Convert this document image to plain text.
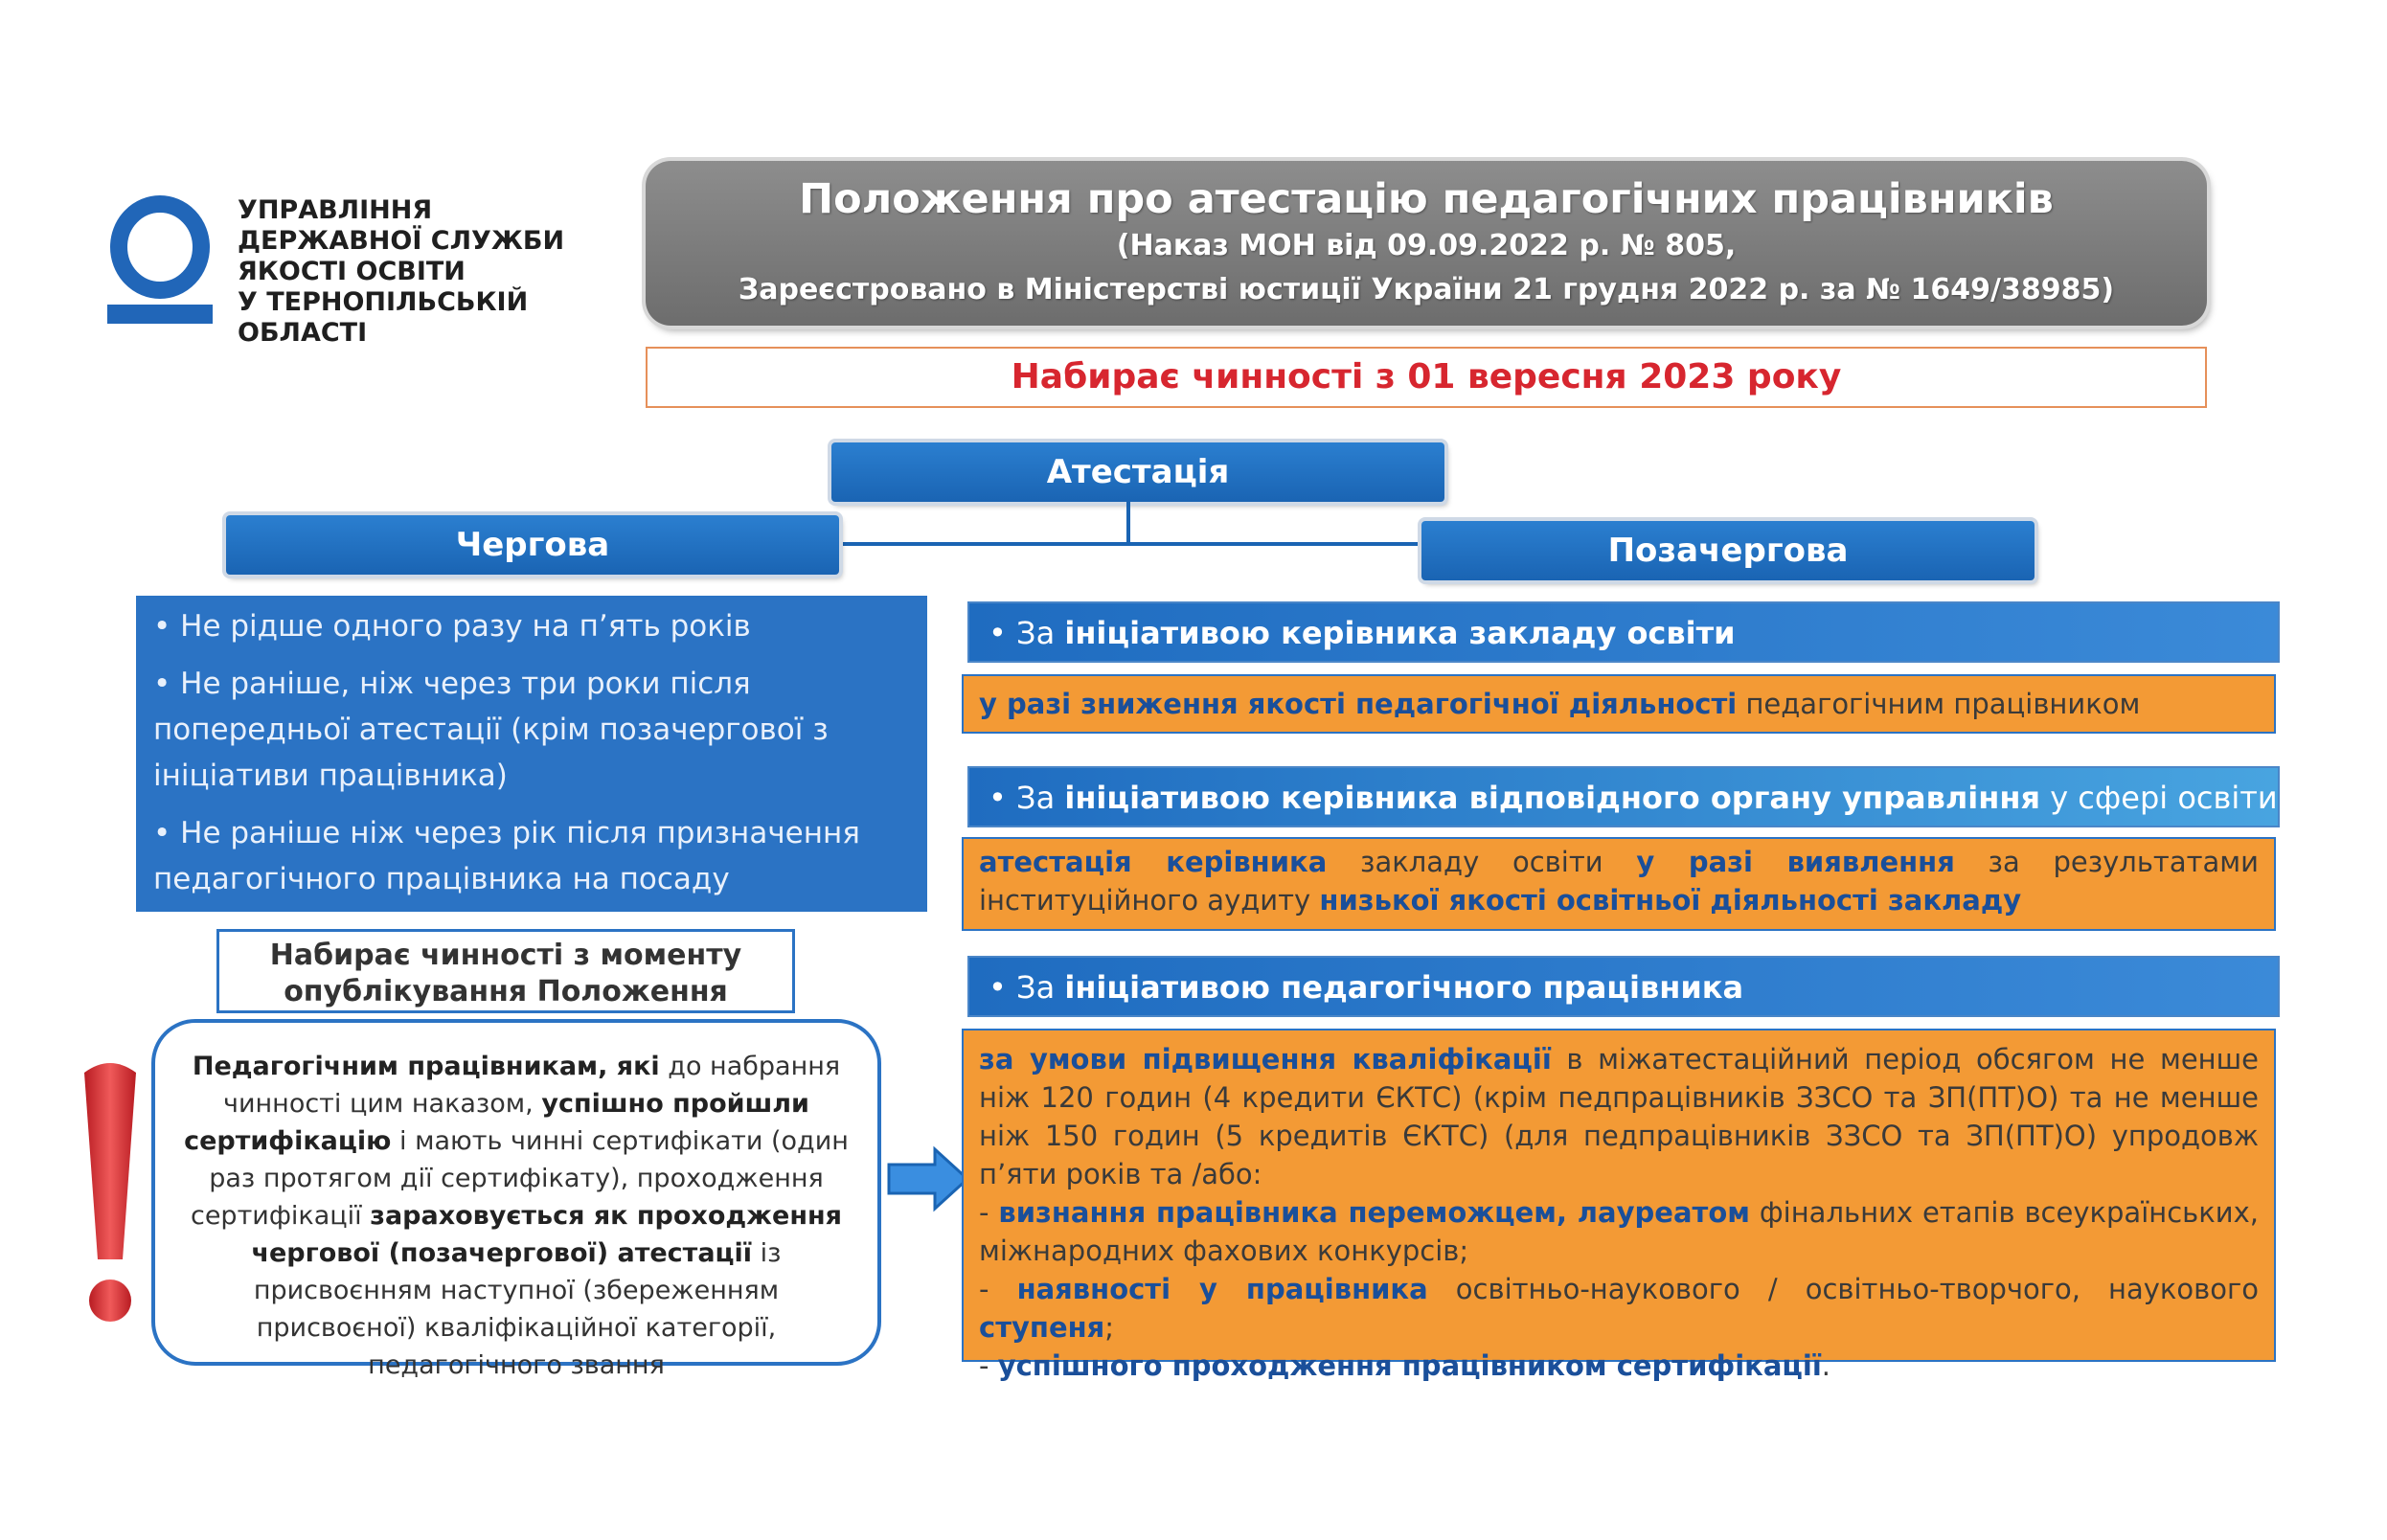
УПРАВЛІННЯ
ДЕРЖАВНОЇ СЛУЖБИ
ЯКОСТІ ОСВІТИ
У ТЕРНОПІЛЬСЬКІЙ
ОБЛАСТІ
Положення про атестацію педагогічних працівників
(Наказ МОН від 09.09.2022 р. № 805,
Зареєстровано в Міністерстві юстиції України 21 грудня 2022 р. за № 1649/38985)
Набирає чинності з 01 вересня 2023 року
Атестація
Чергова	Позачергова

• Не рідше одного разу на п’ять років

• Не раніше, ніж через три роки після попередньої атестації (крім позачергової з ініціативи працівника)

• Не раніше ніж через рік після призначення педагогічного працівника на посаду

Набирає чинності з моменту
опублікування Положення
Педагогічним працівникам, які до набрання чинності цим наказом, успішно пройшли сертифікацію і мають чинні сертифікати (один раз протягом дії сертифікату), проходження сертифікації зараховується як проходження чергової (позачергової) атестації із присвоєнням наступної (збереженням присвоєної) кваліфікаційної категорії, педагогічного звання
• За ініціативою керівника закладу освіти
у разі зниження якості педагогічної діяльності педагогічним працівником
• За ініціативою керівника відповідного органу управління у сфері освіти
атестація керівника закладу освіти у разі виявлення за результатами інституційного аудиту низької якості освітньої діяльності закладу
• За ініціативою педагогічного працівника
за умови підвищення кваліфікації в міжатестаційний період обсягом не менше ніж 120 годин (4 кредити ЄКТС) (крім педпрацівників ЗЗСО та ЗП(ПТ)О) та не менше ніж 150 годин (5 кредитів ЄКТС) (для педпрацівників ЗЗСО та ЗП(ПТ)О) упродовж п’яти років та /або:
- визнання працівника переможцем, лауреатом фінальних етапів всеукраїнських, міжнародних фахових конкурсів;
- наявності у працівника освітньо-наукового / освітньо-творчого, наукового ступеня;
- успішного проходження працівником сертифікації.
